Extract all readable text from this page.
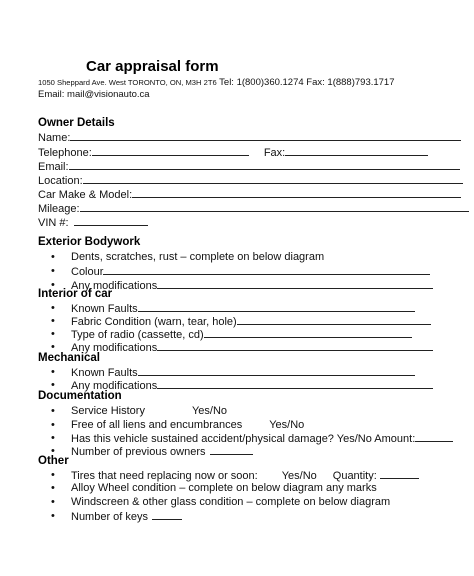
Car appraisal form
1050 Sheppard Ave. West TORONTO, ON, M3H 2T6 Tel: 1(800)360.1274 Fax: 1(888)793.1717
Email: mail@visionauto.ca
Owner Details
Name:
Telephone:	Fax:
Email:
Location:
Car Make & Model:
Mileage:
VIN #:
Exterior Bodywork
• Dents, scratches, rust – complete on below diagram
• Colour
• Any modifications
Interior of car
• Known Faults
• Fabric Condition (warn, tear, hole)
• Type of radio (cassette, cd)
• Any modifications
Mechanical
• Known Faults
• Any modifications
Documentation
• Service History	Yes/No
• Free of all liens and encumbrances Yes/No
• Has this vehicle sustained accident/physical damage? Yes/No Amount:
• Number of previous owners
Other
• Tires that need replacing now or soon: Yes/No Quantity:
• Alloy Wheel condition – complete on below diagram any marks
• Windscreen & other glass condition – complete on below diagram
• Number of keys
